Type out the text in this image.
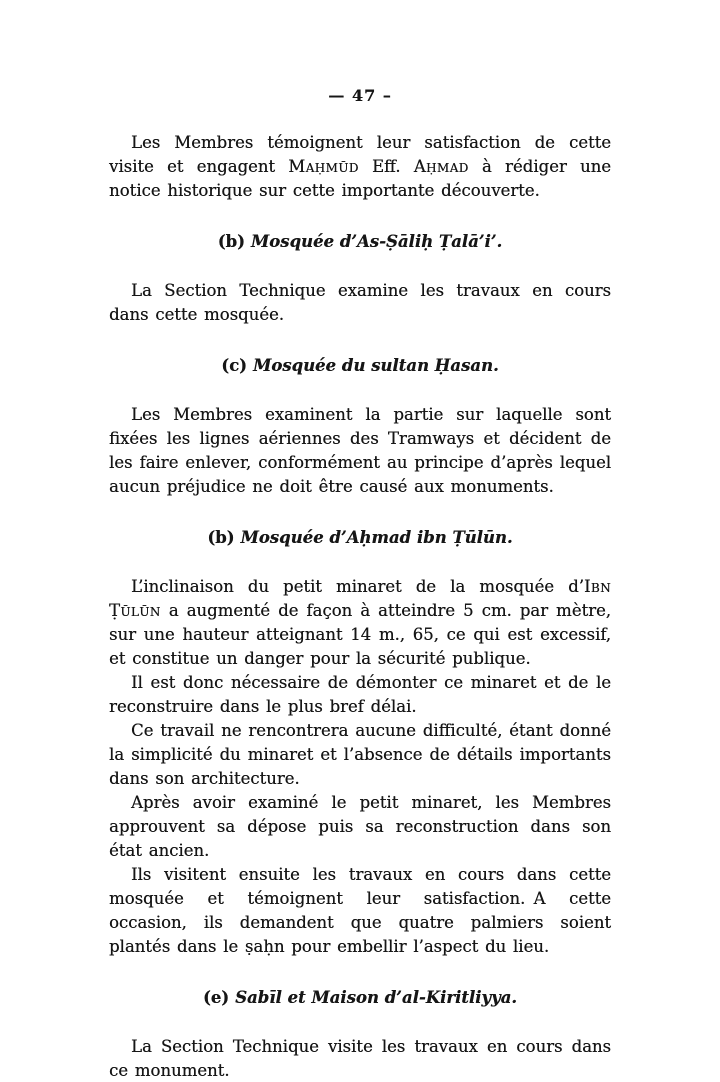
— 47 –

Les Membres témoignent leur satisfaction de cette visite et engagent Maḥmūd Eff. Aḥmad à rédiger une notice historique sur cette importante découverte.

(b) Mosquée d’As-Ṣāliḥ Ṭalā’i’.

La Section Technique examine les travaux en cours dans cette mosquée.

(c) Mosquée du sultan Ḥasan.

Les Membres examinent la partie sur laquelle sont fixées les lignes aériennes des Tramways et décident de les faire enlever, conformément au principe d’après lequel aucun préjudice ne doit être causé aux monuments.

(b) Mosquée d’Aḥmad ibn Ṭūlūn.

L’inclinaison du petit minaret de la mosquée d’Ibn Ṭūlūn a augmenté de façon à atteindre 5 cm. par mètre, sur une hauteur atteignant 14 m., 65, ce qui est excessif, et constitue un danger pour la sécurité publique.

Il est donc nécessaire de démonter ce minaret et de le reconstruire dans le plus bref délai.

Ce travail ne rencontrera aucune difficulté, étant donné la simplicité du minaret et l’absence de détails importants dans son architecture.

Après avoir examiné le petit minaret, les Membres approuvent sa dépose puis sa reconstruction dans son état ancien.

Ils visitent ensuite les travaux en cours dans cette mosquée et témoignent leur satisfaction. A cette occasion, ils demandent que quatre palmiers soient plantés dans le ṣaḥn pour embellir l’aspect du lieu.

(e) Sabīl et Maison d’al-Kiritliyya.

La Section Technique visite les travaux en cours dans ce monument.
